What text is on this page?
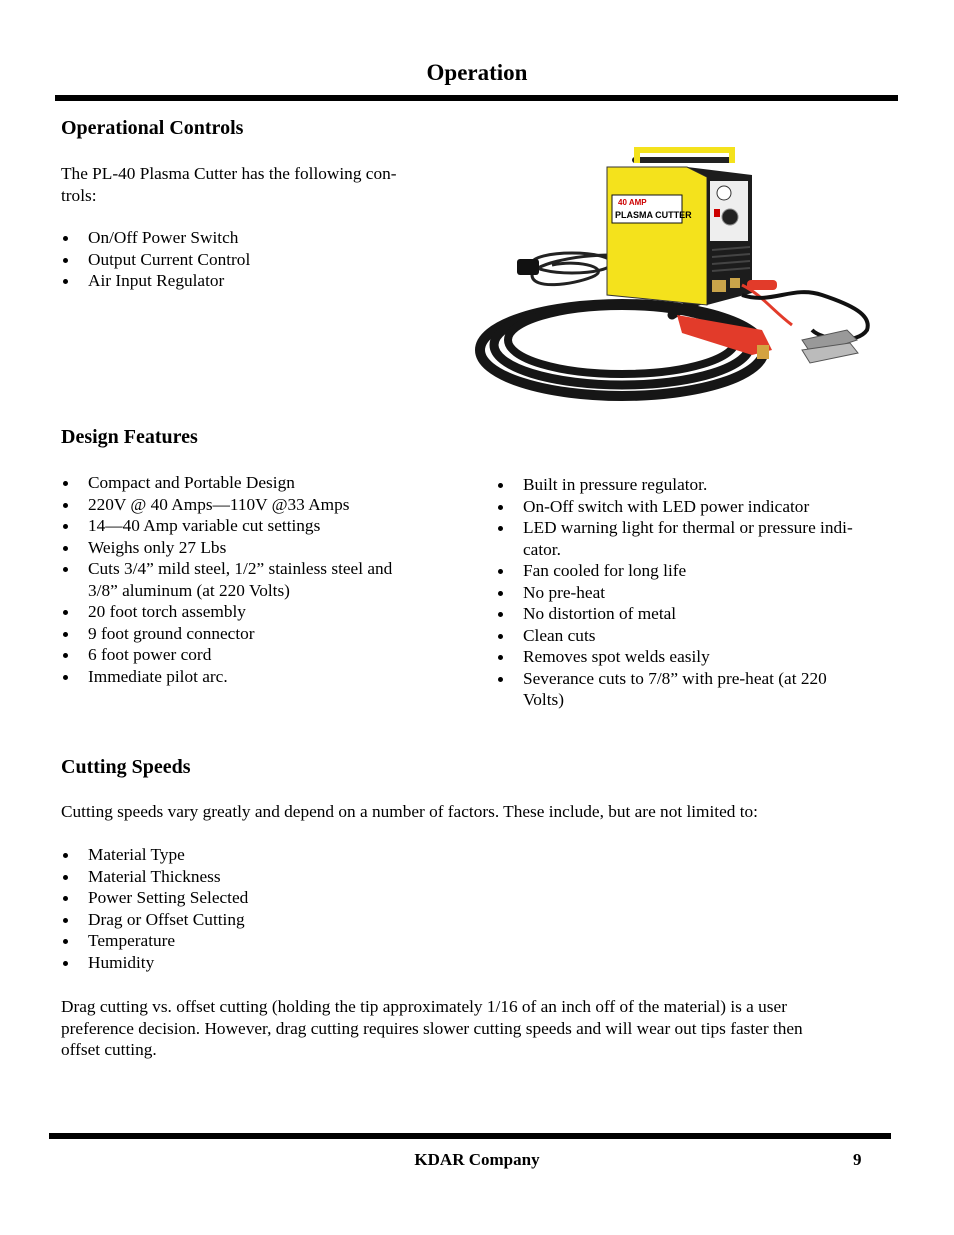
Operation
Operational Controls
The PL-40 Plasma Cutter has the following con-
trols:
On/Off Power Switch
Output Current Control
Air Input Regulator
40 AMP
PLASMA CUTTER
Design Features
Compact and Portable Design
220V @ 40 Amps—110V @33 Amps
14—40 Amp variable cut settings
Weighs only 27 Lbs
Cuts 3/4” mild steel, 1/2” stainless steel and
3/8” aluminum (at 220 Volts)
20 foot torch assembly
9 foot ground connector
6 foot power cord
Immediate pilot arc.
Built in pressure regulator.
On-Off switch with LED power indicator
LED warning light for thermal or pressure indi-
cator.
Fan cooled for long life
No pre-heat
No distortion of metal
Clean cuts
Removes spot welds easily
Severance cuts to 7/8” with pre-heat (at 220
Volts)
Cutting Speeds
Cutting speeds vary greatly and depend on a number of factors. These include, but are not limited to:
Material Type
Material Thickness
Power Setting Selected
Drag or Offset Cutting
Temperature
Humidity
Drag cutting vs. offset cutting (holding the tip approximately 1/16 of an inch off of the material) is a user
preference decision. However, drag cutting requires slower cutting speeds and will wear out tips faster then
offset cutting.
KDAR Company	9
